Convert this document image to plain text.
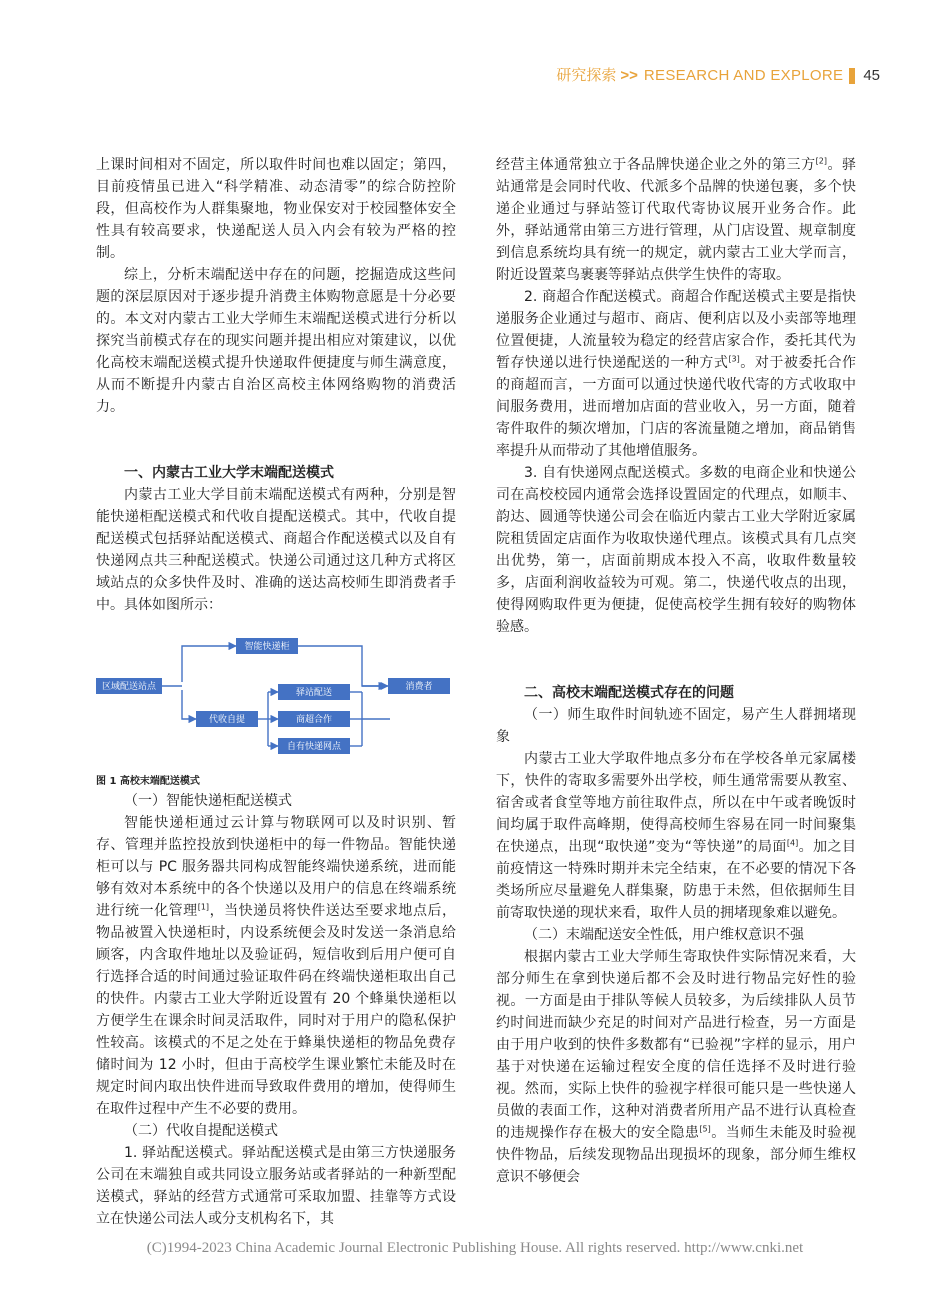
研究探索 >> RESEARCH AND EXPLORE 45

上课时间相对不固定，所以取件时间也难以固定；第四，目前疫情虽已进入“科学精准、动态清零”的综合防控阶段，但高校作为人群集聚地，物业保安对于校园整体安全性具有较高要求，快递配送人员入内会有较为严格的控制。

综上，分析末端配送中存在的问题，挖掘造成这些问题的深层原因对于逐步提升消费主体购物意愿是十分必要的。本文对内蒙古工业大学师生末端配送模式进行分析以探究当前模式存在的现实问题并提出相应对策建议，以优化高校末端配送模式提升快递取件便捷度与师生满意度，从而不断提升内蒙古自治区高校主体网络购物的消费活力。

一、内蒙古工业大学末端配送模式

内蒙古工业大学目前末端配送模式有两种，分别是智能快递柜配送模式和代收自提配送模式。其中，代收自提配送模式包括驿站配送模式、商超合作配送模式以及自有快递网点共三种配送模式。快递公司通过这几种方式将区域站点的众多快件及时、准确的送达高校师生即消费者手中。具体如图所示：

区域配送站点
智能快递柜
代收自提
驿站配送
商超合作
自有快递网点
消费者

图 1 高校末端配送模式

（一）智能快递柜配送模式

智能快递柜通过云计算与物联网可以及时识别、暂存、管理并监控投放到快递柜中的每一件物品。智能快递柜可以与 PC 服务器共同构成智能终端快递系统，进而能够有效对本系统中的各个快递以及用户的信息在终端系统进行统一化管理[1]，当快递员将快件送达至要求地点后，物品被置入快递柜时，内设系统便会及时发送一条消息给顾客，内含取件地址以及验证码，短信收到后用户便可自行选择合适的时间通过验证取件码在终端快递柜取出自己的快件。内蒙古工业大学附近设置有 20 个蜂巢快递柜以方便学生在课余时间灵活取件，同时对于用户的隐私保护性较高。该模式的不足之处在于蜂巢快递柜的物品免费存储时间为 12 小时，但由于高校学生课业繁忙未能及时在规定时间内取出快件进而导致取件费用的增加，使得师生在取件过程中产生不必要的费用。

（二）代收自提配送模式

1. 驿站配送模式。驿站配送模式是由第三方快递服务公司在末端独自或共同设立服务站或者驿站的一种新型配送模式，驿站的经营方式通常可采取加盟、挂靠等方式设立在快递公司法人或分支机构名下，其

经营主体通常独立于各品牌快递企业之外的第三方[2]。驿站通常是会同时代收、代派多个品牌的快递包裹，多个快递企业通过与驿站签订代取代寄协议展开业务合作。此外，驿站通常由第三方进行管理，从门店设置、规章制度到信息系统均具有统一的规定，就内蒙古工业大学而言，附近设置菜鸟裹裹等驿站点供学生快件的寄取。

2. 商超合作配送模式。商超合作配送模式主要是指快递服务企业通过与超市、商店、便利店以及小卖部等地理位置便捷，人流量较为稳定的经营店家合作，委托其代为暂存快递以进行快递配送的一种方式[3]。对于被委托合作的商超而言，一方面可以通过快递代收代寄的方式收取中间服务费用，进而增加店面的营业收入，另一方面，随着寄件取件的频次增加，门店的客流量随之增加，商品销售率提升从而带动了其他增值服务。

3. 自有快递网点配送模式。多数的电商企业和快递公司在高校校园内通常会选择设置固定的代理点，如顺丰、韵达、圆通等快递公司会在临近内蒙古工业大学附近家属院租赁固定店面作为收取快递代理点。该模式具有几点突出优势，第一，店面前期成本投入不高，收取件数量较多，店面利润收益较为可观。第二，快递代收点的出现，使得网购取件更为便捷，促使高校学生拥有较好的购物体验感。

二、高校末端配送模式存在的问题

（一）师生取件时间轨迹不固定，易产生人群拥堵现象

内蒙古工业大学取件地点多分布在学校各单元家属楼下，快件的寄取多需要外出学校，师生通常需要从教室、宿舍或者食堂等地方前往取件点，所以在中午或者晚饭时间均属于取件高峰期，使得高校师生容易在同一时间聚集在快递点，出现“取快递”变为“等快递”的局面[4]。加之目前疫情这一特殊时期并未完全结束，在不必要的情况下各类场所应尽量避免人群集聚，防患于未然，但依据师生目前寄取快递的现状来看，取件人员的拥堵现象难以避免。

（二）末端配送安全性低，用户维权意识不强

根据内蒙古工业大学师生寄取快件实际情况来看，大部分师生在拿到快递后都不会及时进行物品完好性的验视。一方面是由于排队等候人员较多，为后续排队人员节约时间进而缺少充足的时间对产品进行检查，另一方面是由于用户收到的快件多数都有“已验视”字样的显示，用户基于对快递在运输过程安全度的信任选择不及时进行验视。然而，实际上快件的验视字样很可能只是一些快递人员做的表面工作，这种对消费者所用产品不进行认真检查的违规操作存在极大的安全隐患[5]。当师生未能及时验视快件物品，后续发现物品出现损坏的现象，部分师生维权意识不够便会

(C)1994-2023 China Academic Journal Electronic Publishing House. All rights reserved. http://www.cnki.net
